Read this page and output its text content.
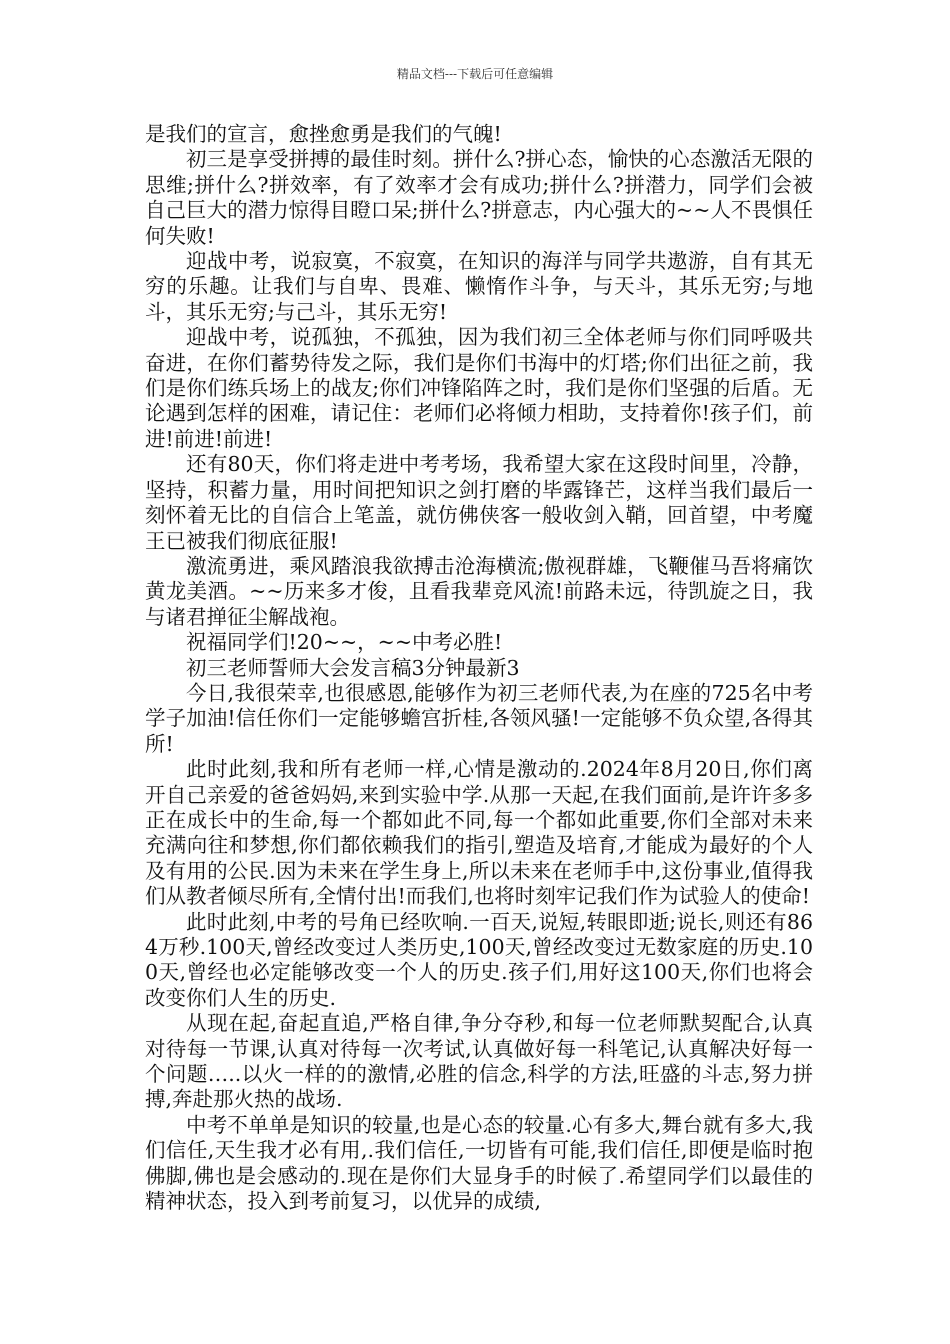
精品文档---下载后可任意编辑

是我们的宣言，愈挫愈勇是我们的气魄!

初三是享受拼搏的最佳时刻。拼什么?拼心态，愉快的心态激活无限的思维;拼什么?拼效率，有了效率才会有成功;拼什么?拼潜力，同学们会被自己巨大的潜力惊得目瞪口呆;拼什么?拼意志，内心强大的~~人不畏惧任何失败!

迎战中考，说寂寞，不寂寞，在知识的海洋与同学共遨游，自有其无穷的乐趣。让我们与自卑、畏难、懒惰作斗争，与天斗，其乐无穷;与地斗，其乐无穷;与己斗，其乐无穷!

迎战中考，说孤独，不孤独，因为我们初三全体老师与你们同呼吸共奋进，在你们蓄势待发之际，我们是你们书海中的灯塔;你们出征之前，我们是你们练兵场上的战友;你们冲锋陷阵之时，我们是你们坚强的后盾。无论遇到怎样的困难，请记住：老师们必将倾力相助，支持着你!孩子们，前进!前进!前进!

还有80天，你们将走进中考考场，我希望大家在这段时间里，冷静，坚持，积蓄力量，用时间把知识之剑打磨的毕露锋芒，这样当我们最后一刻怀着无比的自信合上笔盖，就仿佛侠客一般收剑入鞘，回首望，中考魔王已被我们彻底征服!

激流勇进，乘风踏浪我欲搏击沧海横流;傲视群雄，飞鞭催马吾将痛饮黄龙美酒。~~历来多才俊，且看我辈竞风流!前路未远，待凯旋之日，我与诸君掸征尘解战袍。

祝福同学们!20~~，~~中考必胜!

初三老师誓师大会发言稿3分钟最新3

今日,我很荣幸,也很感恩,能够作为初三老师代表,为在座的725名中考学子加油!信任你们一定能够蟾宫折桂,各领风骚!一定能够不负众望,各得其所!

此时此刻,我和所有老师一样,心情是激动的.2024年8月20日,你们离开自己亲爱的爸爸妈妈,来到实验中学.从那一天起,在我们面前,是许许多多正在成长中的生命,每一个都如此不同,每一个都如此重要,你们全部对未来充满向往和梦想,你们都依赖我们的指引,塑造及培育,才能成为最好的个人及有用的公民.因为未来在学生身上,所以未来在老师手中,这份事业,值得我们从教者倾尽所有,全情付出!而我们,也将时刻牢记我们作为试验人的使命!

此时此刻,中考的号角已经吹响.一百天,说短,转眼即逝;说长,则还有864万秒.100天,曾经改变过人类历史,100天,曾经改变过无数家庭的历史.100天,曾经也必定能够改变一个人的历史.孩子们,用好这100天,你们也将会改变你们人生的历史.

从现在起,奋起直追,严格自律,争分夺秒,和每一位老师默契配合,认真对待每一节课,认真对待每一次考试,认真做好每一科笔记,认真解决好每一个问题…..以火一样的的激情,必胜的信念,科学的方法,旺盛的斗志,努力拼搏,奔赴那火热的战场.

中考不单单是知识的较量,也是心态的较量.心有多大,舞台就有多大,我们信任,天生我才必有用,.我们信任,一切皆有可能,我们信任,即便是临时抱佛脚,佛也是会感动的.现在是你们大显身手的时候了.希望同学们以最佳的精神状态，投入到考前复习，以优异的成绩,
